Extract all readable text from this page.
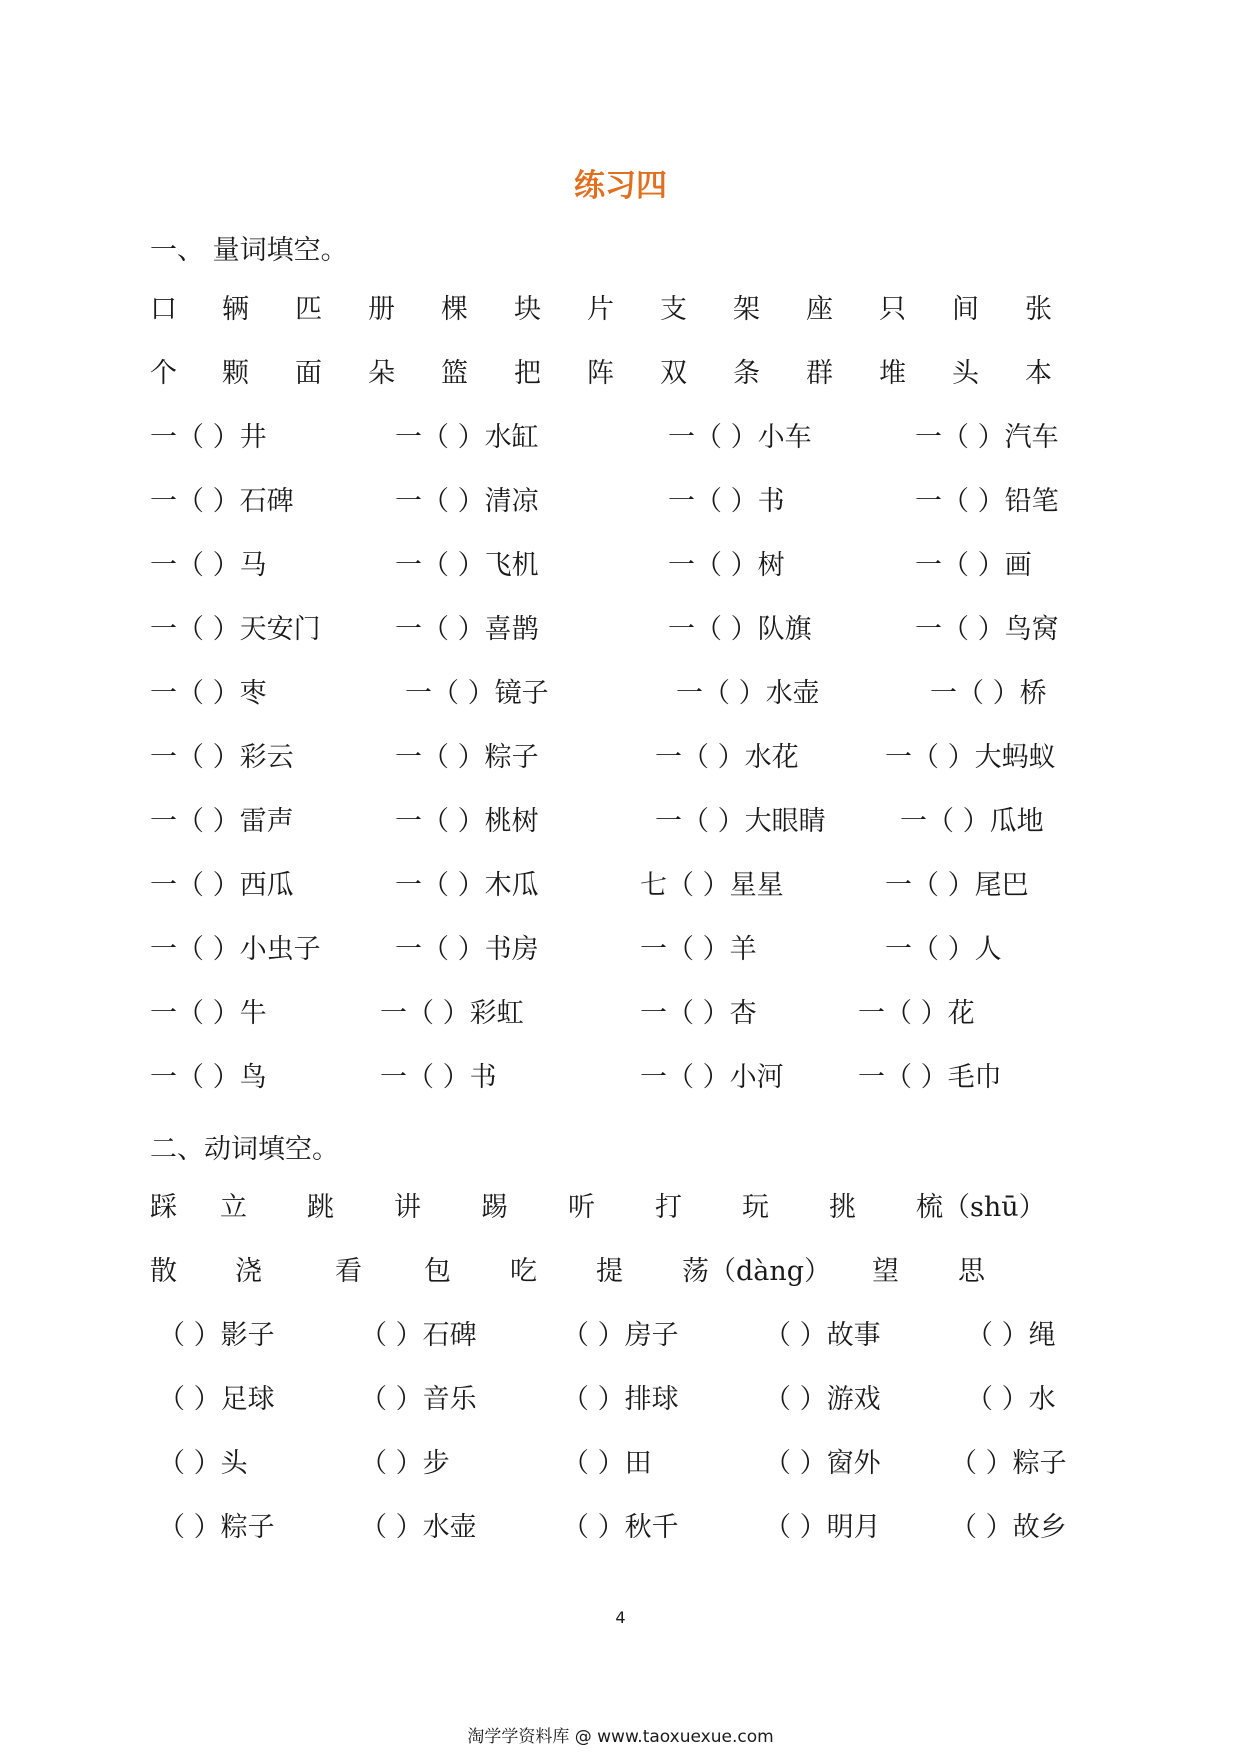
练习四
一、 量词填空。
口 辆 匹 册 棵 块 片 支 架 座 只 间 张
个 颗 面 朵 篮 把 阵 双 条 群 堆 头 本
一（ ）井	一（ ）水缸	一（ ）小车	一（ ）汽车
一（ ）石碑	一（ ）清凉	一（ ）书	一（ ）铅笔
一（ ）马	一（ ）飞机	一（ ）树	一（ ）画
一（ ）天安门	一（ ）喜鹊	一（ ）队旗	一（ ）鸟窝
一（ ）枣	一（ ）镜子	一（ ）水壶	一（ ）桥
一（ ）彩云	一（ ）粽子	一（ ）水花	一（ ）大蚂蚁
一（ ）雷声	一（ ）桃树	一（ ）大眼睛	一（ ）瓜地
一（ ）西瓜	一（ ）木瓜	七（ ）星星	一（ ）尾巴
一（ ）小虫子	一（ ）书房	一（ ）羊	一（ ）人
一（ ）牛	一（ ）彩虹	一（ ）杏	一（ ）花
一（ ）鸟	一（ ）书	一（ ）小河	一（ ）毛巾
二、动词填空。
踩 立 跳 讲 踢 听 打 玩 挑 梳（shū）
散 浇	看 包 吃 提 荡（dàng） 望 思
（ ）影子	（ ）石碑	（ ）房子	（ ）故事	（ ）绳
（ ）足球	（ ）音乐	（ ）排球	（ ）游戏	（ ）水
（ ）头	（ ）步	（ ）田	（ ）窗外	（ ）粽子
（ ）粽子	（ ）水壶	（ ）秋千	（ ）明月	（ ）故乡
4
淘学学资料库 @ www.taoxuexue.com
